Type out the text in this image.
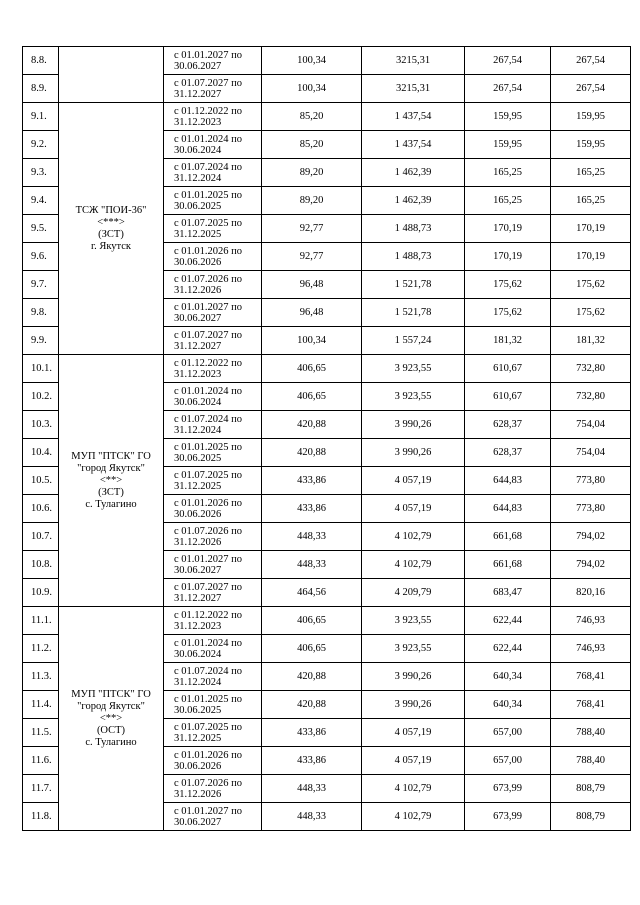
8.8.		с 01.01.2027 по
30.06.2027	100,34	3215,31	267,54	267,54
8.9.		с 01.07.2027 по
31.12.2027	100,34	3215,31	267,54	267,54
9.1.	ТСЖ "ПОИ-36"
<***>
(ЗСТ)
г. Якутск	с 01.12.2022 по
31.12.2023	85,20	1 437,54	159,95	159,95
9.2.		с 01.01.2024 по
30.06.2024	85,20	1 437,54	159,95	159,95
9.3.		с 01.07.2024 по
31.12.2024	89,20	1 462,39	165,25	165,25
9.4.		с 01.01.2025 по
30.06.2025	89,20	1 462,39	165,25	165,25
9.5.		с 01.07.2025 по
31.12.2025	92,77	1 488,73	170,19	170,19
9.6.		с 01.01.2026 по
30.06.2026	92,77	1 488,73	170,19	170,19
9.7.		с 01.07.2026 по
31.12.2026	96,48	1 521,78	175,62	175,62
9.8.		с 01.01.2027 по
30.06.2027	96,48	1 521,78	175,62	175,62
9.9.		с 01.07.2027 по
31.12.2027	100,34	1 557,24	181,32	181,32
10.1.	МУП "ПТСК" ГО
"город Якутск"
<**>
(ЗСТ)
с. Тулагино	с 01.12.2022 по
31.12.2023	406,65	3 923,55	610,67	732,80
10.2.		с 01.01.2024 по
30.06.2024	406,65	3 923,55	610,67	732,80
10.3.		с 01.07.2024 по
31.12.2024	420,88	3 990,26	628,37	754,04
10.4.		с 01.01.2025 по
30.06.2025	420,88	3 990,26	628,37	754,04
10.5.		с 01.07.2025 по
31.12.2025	433,86	4 057,19	644,83	773,80
10.6.		с 01.01.2026 по
30.06.2026	433,86	4 057,19	644,83	773,80
10.7.		с 01.07.2026 по
31.12.2026	448,33	4 102,79	661,68	794,02
10.8.		с 01.01.2027 по
30.06.2027	448,33	4 102,79	661,68	794,02
10.9.		с 01.07.2027 по
31.12.2027	464,56	4 209,79	683,47	820,16
11.1.	МУП "ПТСК" ГО
"город Якутск"
<**>
(ОСТ)
с. Тулагино	с 01.12.2022 по
31.12.2023	406,65	3 923,55	622,44	746,93
11.2.		с 01.01.2024 по
30.06.2024	406,65	3 923,55	622,44	746,93
11.3.		с 01.07.2024 по
31.12.2024	420,88	3 990,26	640,34	768,41
11.4.		с 01.01.2025 по
30.06.2025	420,88	3 990,26	640,34	768,41
11.5.		с 01.07.2025 по
31.12.2025	433,86	4 057,19	657,00	788,40
11.6.		с 01.01.2026 по
30.06.2026	433,86	4 057,19	657,00	788,40
11.7.		с 01.07.2026 по
31.12.2026	448,33	4 102,79	673,99	808,79
11.8.		с 01.01.2027 по
30.06.2027	448,33	4 102,79	673,99	808,79
